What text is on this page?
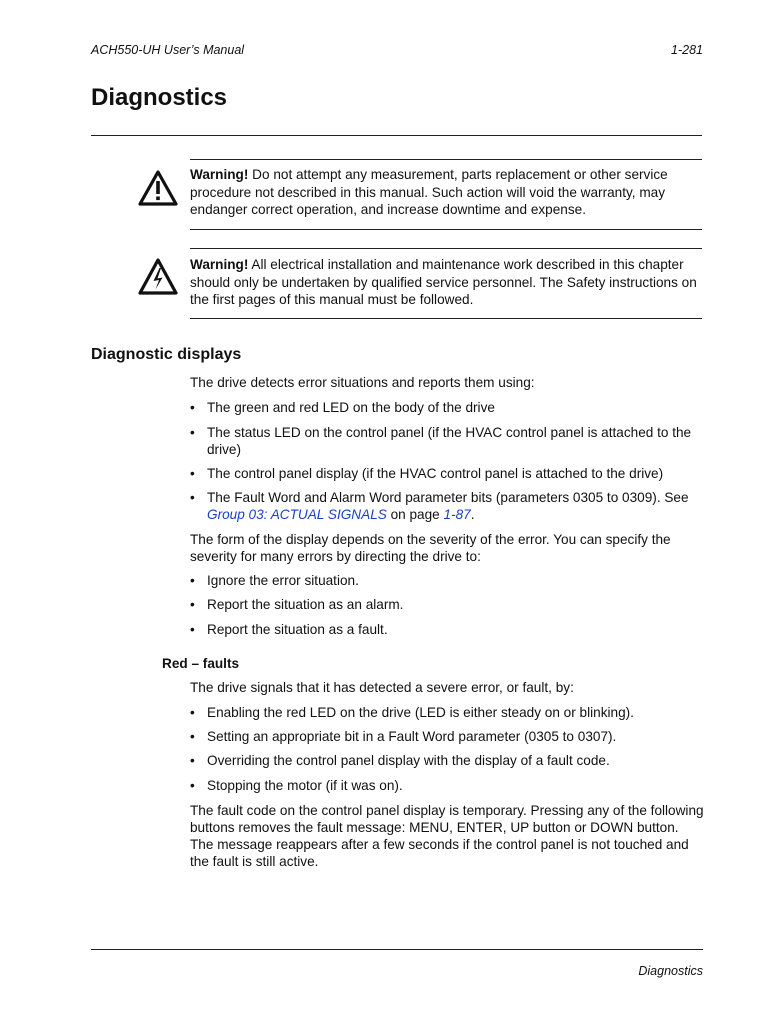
ACH550-UH User’s Manual	1-281
Diagnostics
Warning! Do not attempt any measurement, parts replacement or other service procedure not described in this manual. Such action will void the warranty, may endanger correct operation, and increase downtime and expense.
Warning! All electrical installation and maintenance work described in this chapter should only be undertaken by qualified service personnel. The Safety instructions on the first pages of this manual must be followed.
Diagnostic displays

The drive detects error situations and reports them using:

• The green and red LED on the body of the drive
• The status LED on the control panel (if the HVAC control panel is attached to the drive)
• The control panel display (if the HVAC control panel is attached to the drive)
• The Fault Word and Alarm Word parameter bits (parameters 0305 to 0309). See Group 03: ACTUAL SIGNALS on page 1-87.

The form of the display depends on the severity of the error. You can specify the severity for many errors by directing the drive to:

• Ignore the error situation.
• Report the situation as an alarm.
• Report the situation as a fault.
Red – faults

The drive signals that it has detected a severe error, or fault, by:

• Enabling the red LED on the drive (LED is either steady on or blinking).
• Setting an appropriate bit in a Fault Word parameter (0305 to 0307).
• Overriding the control panel display with the display of a fault code.
• Stopping the motor (if it was on).

The fault code on the control panel display is temporary. Pressing any of the following buttons removes the fault message: MENU, ENTER, UP button or DOWN button. The message reappears after a few seconds if the control panel is not touched and the fault is still active.

Diagnostics
